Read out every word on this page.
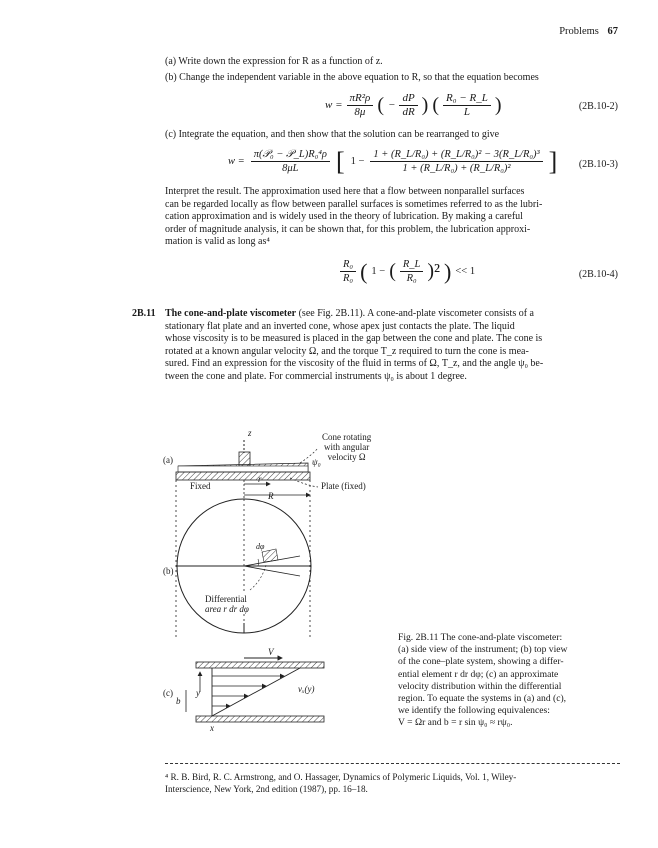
Problems 67
(a) Write down the expression for R as a function of z.
(b) Change the independent variable in the above equation to R, so that the equation becomes
$w = \frac{\text{πR²ρ}}{8\mu}$ ( − $\frac{dP}{dR}$ ) ( $\frac{\text{R₀ − R\_L}}{L}$ )	(2B.10-2)
(c) Integrate the equation, and then show that the solution can be rearranged to give
$w = \frac{\text{π(𝒫₀ − 𝒫\_L)R₀⁴ρ}}{8\mu L}$ [ $1 - \frac{\text{1 + (R\_L/R₀) + (R\_L/R₀)² − 3(R\_L/R₀)³}}{\text{1 + (R\_L/R₀) + (R\_L/R₀)²}}$ ] (2B.10-3)
Interpret the result. The approximation used here that a flow between nonparallel surfaces
can be regarded locally as flow between parallel surfaces is sometimes referred to as the lubri-
cation approximation and is widely used in the theory of lubrication. By making a careful
order of magnitude analysis, it can be shown that, for this problem, the lubrication approxi-
mation is valid as long as⁴
$\frac{\text{R₀}}{\text{R₀}}$ ( 1 − ( $\frac{R\_L}{\text{R₀}} )^2$ ) << 1	(2B.10-4)
2B.11 The cone-and-plate viscometer (see Fig. 2B.11). A cone-and-plate viscometer consists of a
stationary flat plate and an inverted cone, whose apex just contacts the plate. The liquid
whose viscosity is to be measured is placed in the gap between the cone and plate. The cone is
rotated at a known angular velocity Ω, and the torque T_z required to turn the cone is mea-
sured. Find an expression for the viscosity of the fluid in terms of Ω, T_z, and the angle ψ₀ be-
tween the cone and plate. For commercial instruments ψ₀ is about 1 degree.
(a)
(b)
(c)
z	Cone rotating
with angular
velocity Ω
ψ₀
Fixed
r
R
Plate (fixed)
dφ
Differential
area r dr dφ
V
b
y
x
vₓ(y)
Fig. 2B.11 The cone-and-plate viscometer:
(a) side view of the instrument; (b) top view
of the cone–plate system, showing a differ-
ential element r dr dφ; (c) an approximate
velocity distribution within the differential
region. To equate the systems in (a) and (c),
we identify the following equivalences:
V = Ωr and b = r sin ψ₀ ≈ rψ₀.
⁴ R. B. Bird, R. C. Armstrong, and O. Hassager, Dynamics of Polymeric Liquids, Vol. 1, Wiley-
Interscience, New York, 2nd edition (1987), pp. 16–18.
